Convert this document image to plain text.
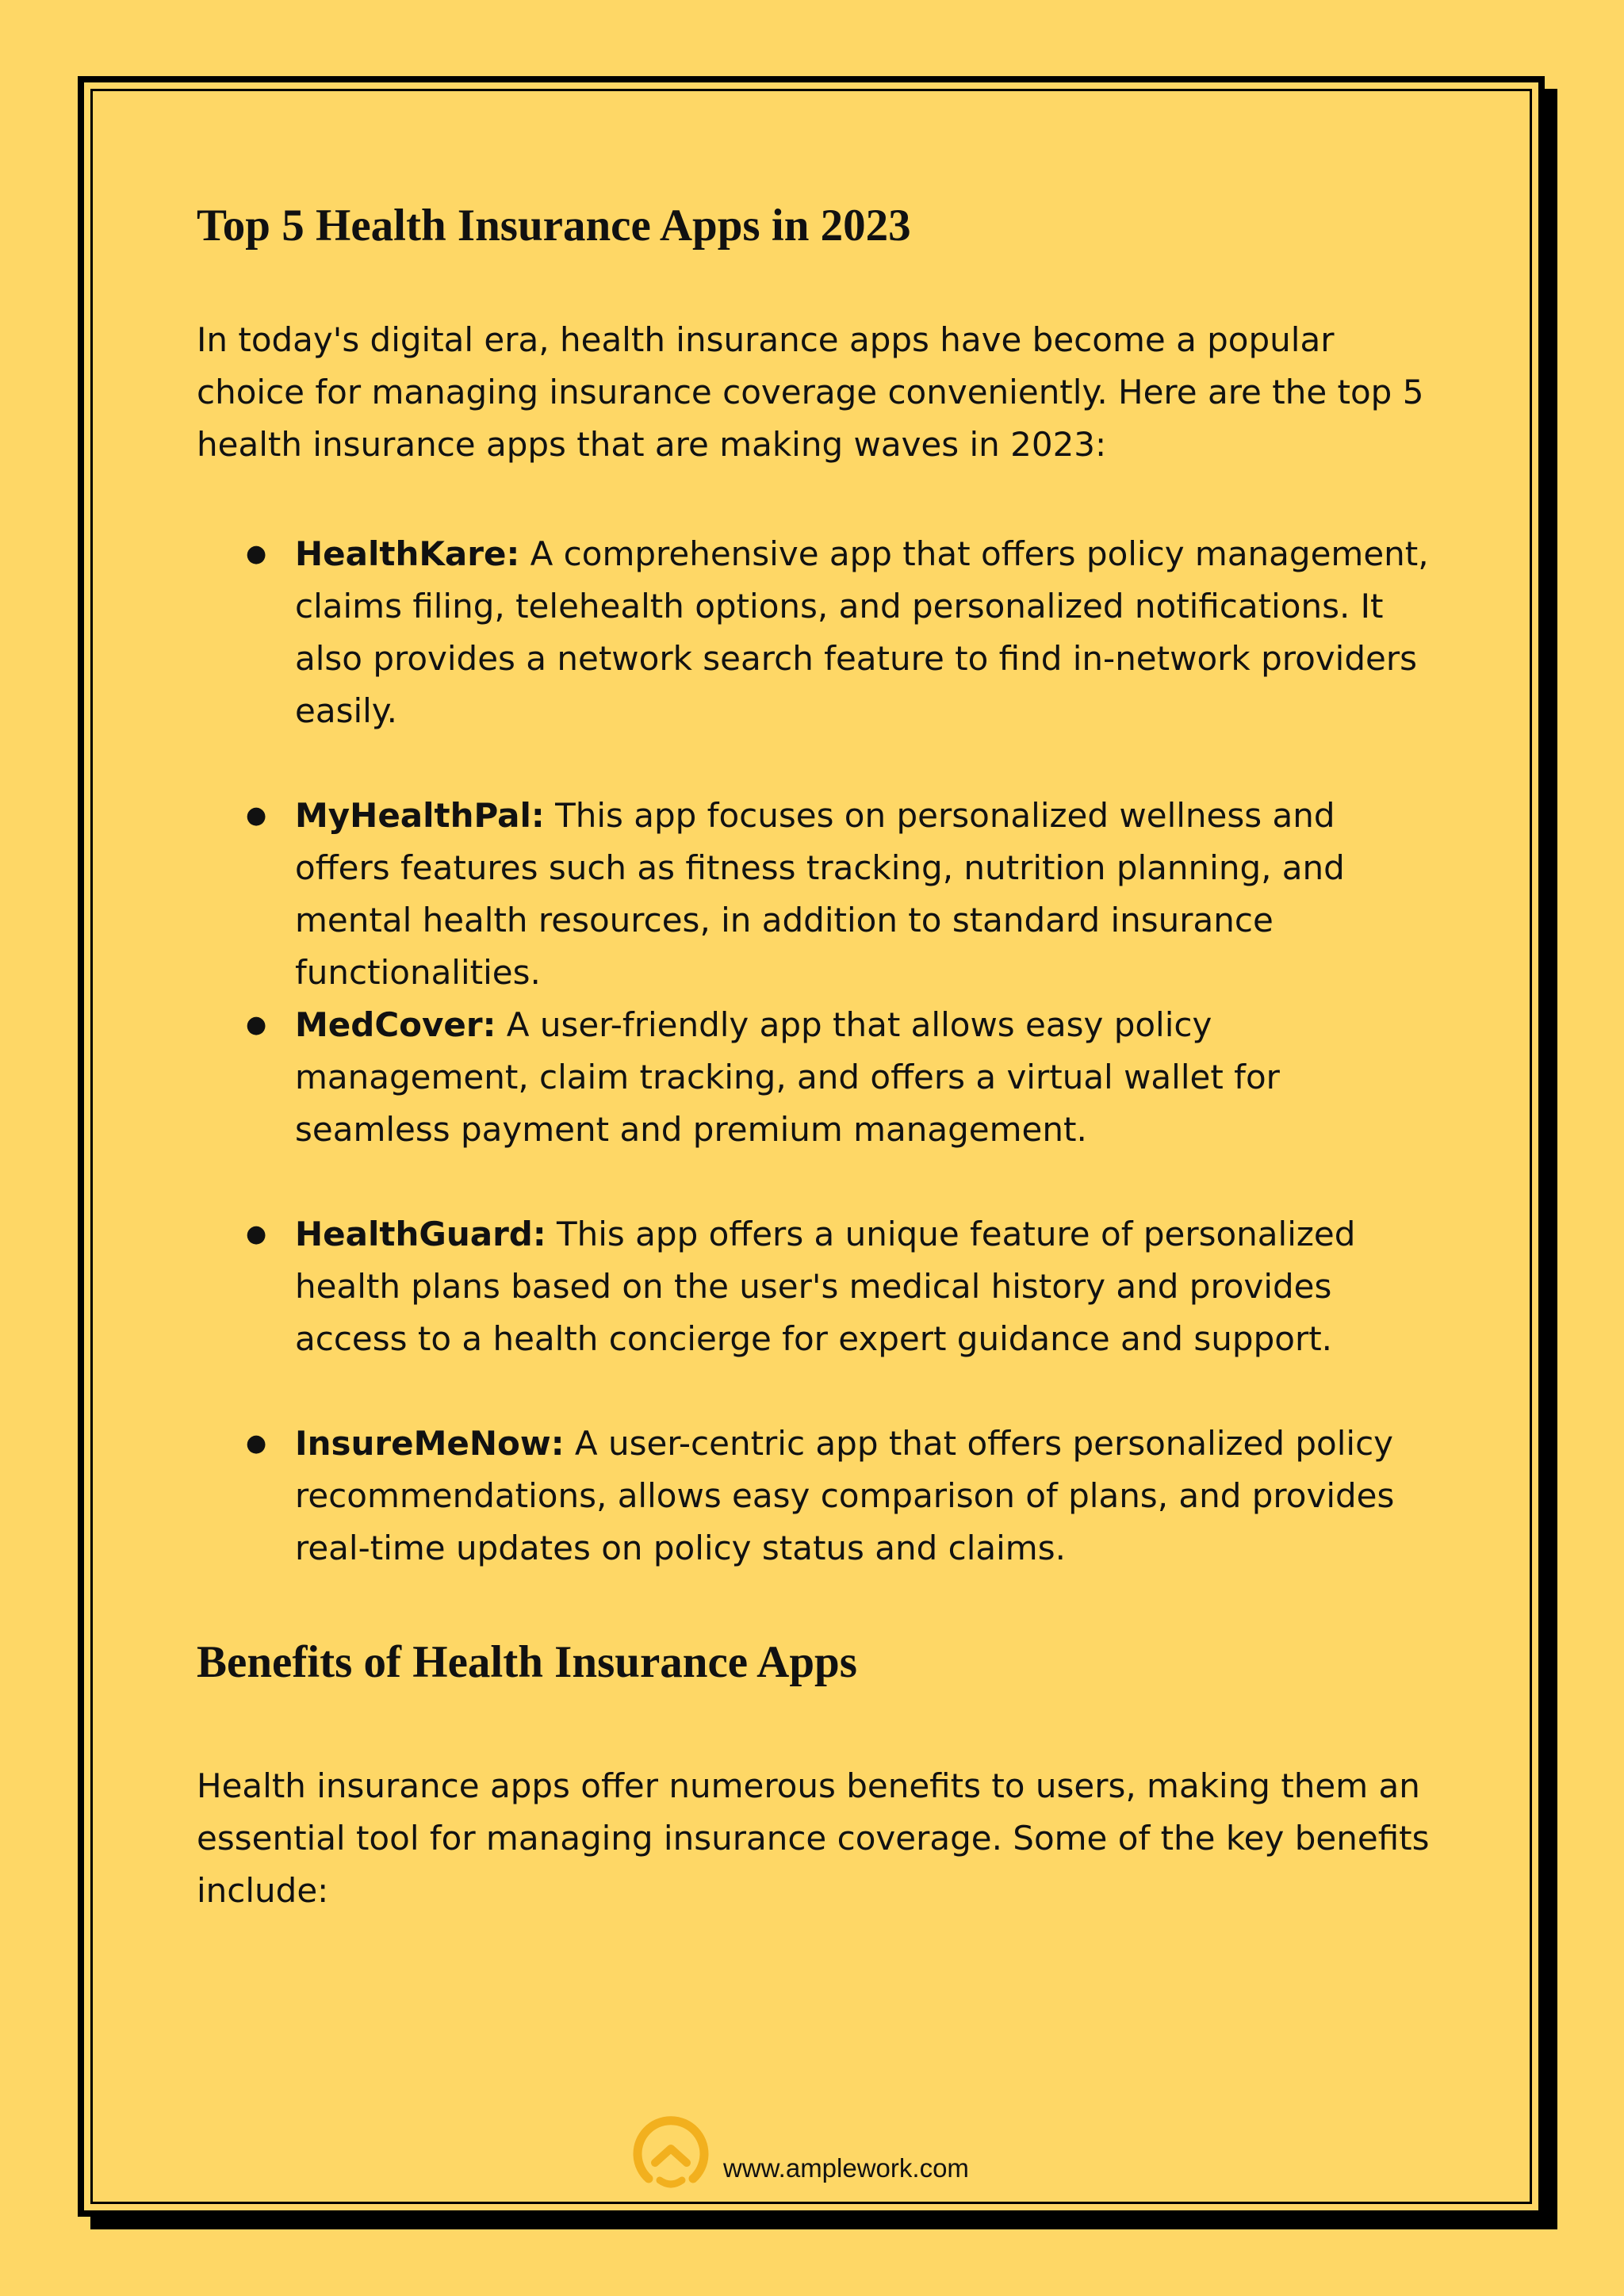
Top 5 Health Insurance Apps in 2023

In today's digital era, health insurance apps have become a popular choice for managing insurance coverage conveniently. Here are the top 5 health insurance apps that are making waves in 2023:

● HealthKare: A comprehensive app that offers policy management, claims filing, telehealth options, and personalized notifications. It also provides a network search feature to find in-network providers easily.
● MyHealthPal: This app focuses on personalized wellness and offers features such as fitness tracking, nutrition planning, and mental health resources, in addition to standard insurance functionalities.
● MedCover: A user-friendly app that allows easy policy management, claim tracking, and offers a virtual wallet for seamless payment and premium management.
● HealthGuard: This app offers a unique feature of personalized health plans based on the user's medical history and provides access to a health concierge for expert guidance and support.
● InsureMeNow: A user-centric app that offers personalized policy recommendations, allows easy comparison of plans, and provides real-time updates on policy status and claims.
Benefits of Health Insurance Apps

Health insurance apps offer numerous benefits to users, making them an essential tool for managing insurance coverage. Some of the key benefits include:

www.amplework.com
